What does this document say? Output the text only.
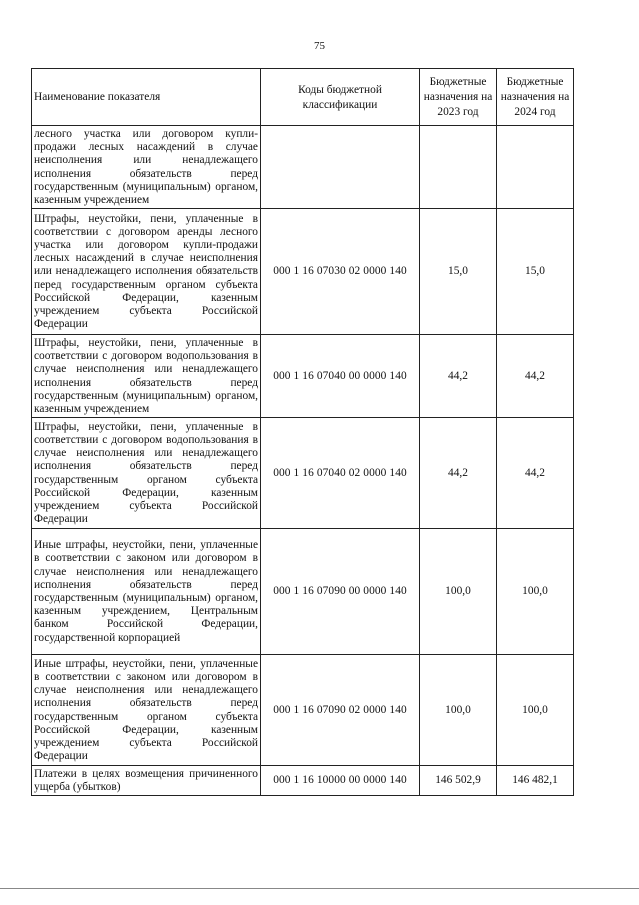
75
Наименование показателя	Коды бюджетной классификации	Бюджетные назначения на 2023 год	Бюджетные назначения на 2024 год
лесного участка или договором купли-продажи лесных насаждений в случае неисполнения или ненадлежащего исполнения обязательств перед государственным (муниципальным) органом, казенным учреждением			
Штрафы, неустойки, пени, уплаченные в соответствии с договором аренды лесного участка или договором купли-продажи лесных насаждений в случае неисполнения или ненадлежащего исполнения обязательств перед государственным органом субъекта Российской Федерации, казенным учреждением субъекта Российской Федерации	000 1 16 07030 02 0000 140	15,0	15,0
Штрафы, неустойки, пени, уплаченные в соответствии с договором водопользования в случае неисполнения или ненадлежащего исполнения обязательств перед государственным (муниципальным) органом, казенным учреждением	000 1 16 07040 00 0000 140	44,2	44,2
Штрафы, неустойки, пени, уплаченные в соответствии с договором водопользования в случае неисполнения или ненадлежащего исполнения обязательств перед государственным органом субъекта Российской Федерации, казенным учреждением субъекта Российской Федерации	000 1 16 07040 02 0000 140	44,2	44,2
Иные штрафы, неустойки, пени, уплаченные в соответствии с законом или договором в случае неисполнения или ненадлежащего исполнения обязательств перед государственным (муниципальным) органом, казенным учреждением, Центральным банком Российской Федерации, государственной корпорацией	000 1 16 07090 00 0000 140	100,0	100,0
Иные штрафы, неустойки, пени, уплаченные в соответствии с законом или договором в случае неисполнения или ненадлежащего исполнения обязательств перед государственным органом субъекта Российской Федерации, казенным учреждением субъекта Российской Федерации	000 1 16 07090 02 0000 140	100,0	100,0
Платежи в целях возмещения причиненного ущерба (убытков)	000 1 16 10000 00 0000 140	146 502,9	146 482,1
